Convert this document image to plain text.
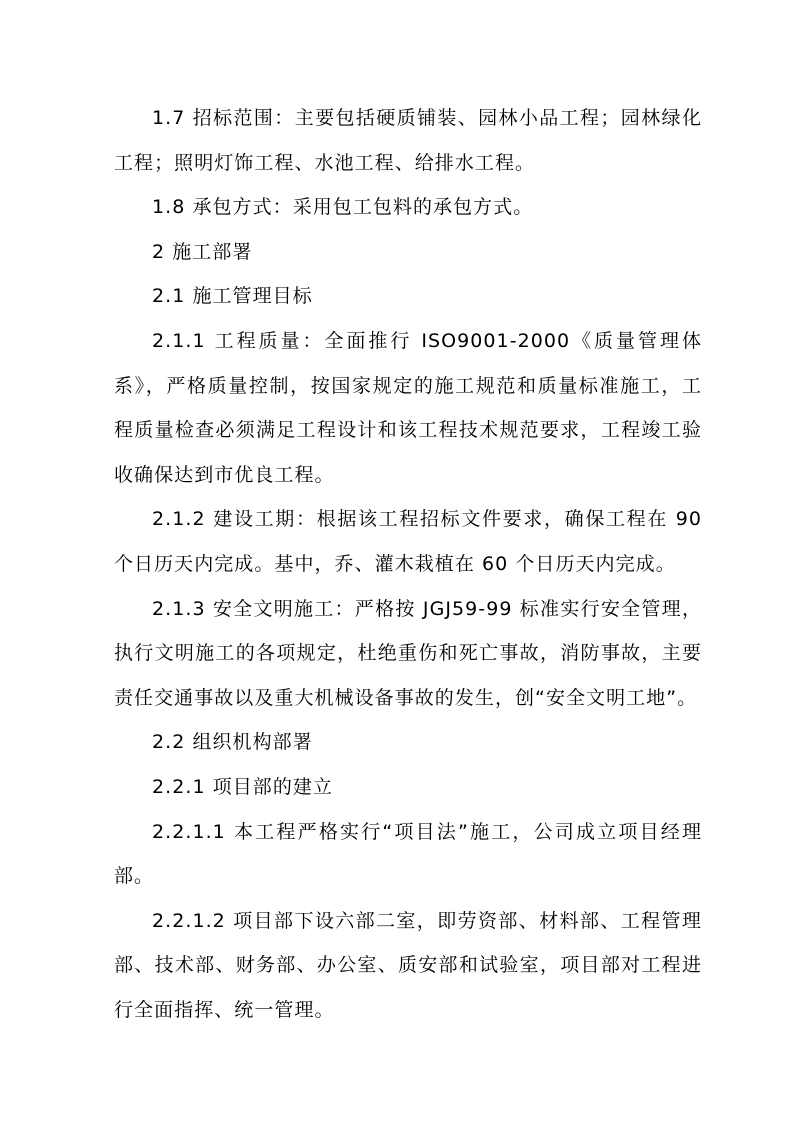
1.7 招标范围：主要包括硬质铺装、园林小品工程；园林绿化工程；照明灯饰工程、水池工程、给排水工程。

1.8 承包方式：采用包工包料的承包方式。

2 施工部署

2.1 施工管理目标

2.1.1 工程质量：全面推行 ISO9001-2000《质量管理体系》，严格质量控制，按国家规定的施工规范和质量标准施工，工程质量检查必须满足工程设计和该工程技术规范要求，工程竣工验收确保达到市优良工程。

2.1.2 建设工期：根据该工程招标文件要求，确保工程在 90 个日历天内完成。基中，乔、灌木栽植在 60 个日历天内完成。

2.1.3 安全文明施工：严格按 JGJ59-99 标准实行安全管理，执行文明施工的各项规定，杜绝重伤和死亡事故，消防事故，主要责任交通事故以及重大机械设备事故的发生，创“安全文明工地”。

2.2 组织机构部署

2.2.1 项目部的建立

2.2.1.1 本工程严格实行“项目法”施工，公司成立项目经理部。

2.2.1.2 项目部下设六部二室，即劳资部、材料部、工程管理部、技术部、财务部、办公室、质安部和试验室，项目部对工程进行全面指挥、统一管理。
